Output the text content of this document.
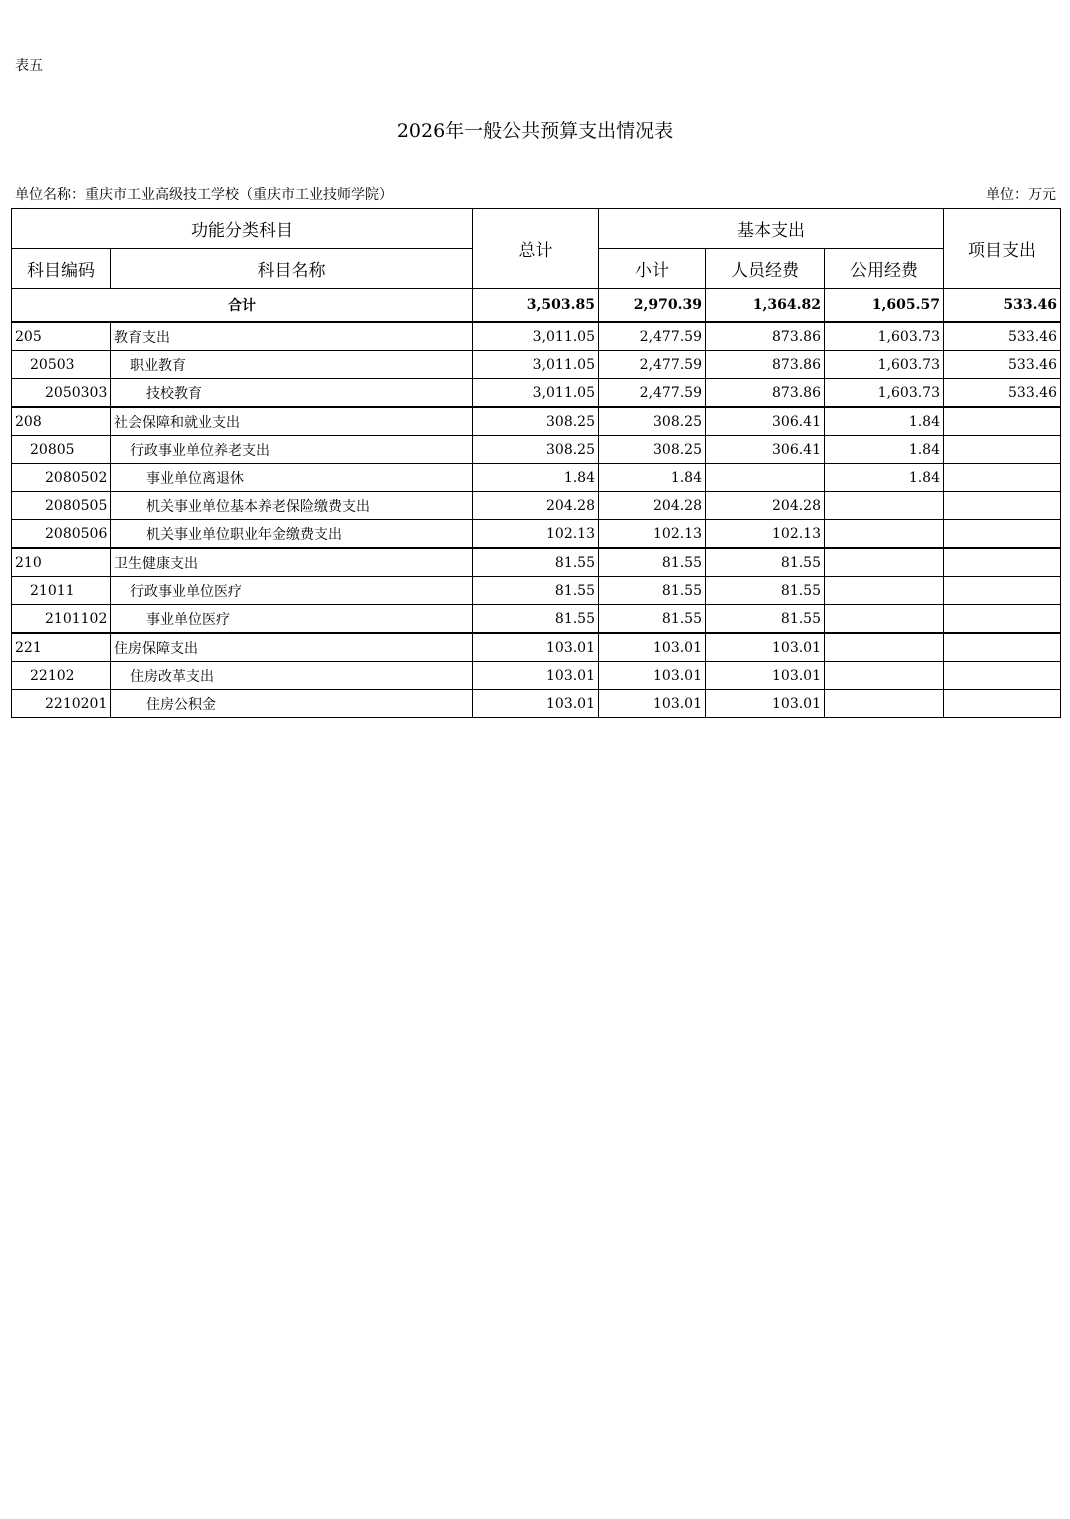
表五
2026年一般公共预算支出情况表
单位名称：重庆市工业高级技工学校（重庆市工业技师学院）	单位：万元
功能分类科目		总计	基本支出			项目支出
科目编码	科目名称		小计	人员经费	公用经费	
合计		3,503.85	2,970.39	1,364.82	1,605.57	533.46
205	教育支出	3,011.05	2,477.59	873.86	1,603.73	533.46
20503	职业教育	3,011.05	2,477.59	873.86	1,603.73	533.46
2050303	技校教育	3,011.05	2,477.59	873.86	1,603.73	533.46
208	社会保障和就业支出	308.25	308.25	306.41	1.84	
20805	行政事业单位养老支出	308.25	308.25	306.41	1.84	
2080502	事业单位离退休	1.84	1.84		1.84	
2080505	机关事业单位基本养老保险缴费支出	204.28	204.28	204.28		
2080506	机关事业单位职业年金缴费支出	102.13	102.13	102.13		
210	卫生健康支出	81.55	81.55	81.55		
21011	行政事业单位医疗	81.55	81.55	81.55		
2101102	事业单位医疗	81.55	81.55	81.55		
221	住房保障支出	103.01	103.01	103.01		
22102	住房改革支出	103.01	103.01	103.01		
2210201	住房公积金	103.01	103.01	103.01		
